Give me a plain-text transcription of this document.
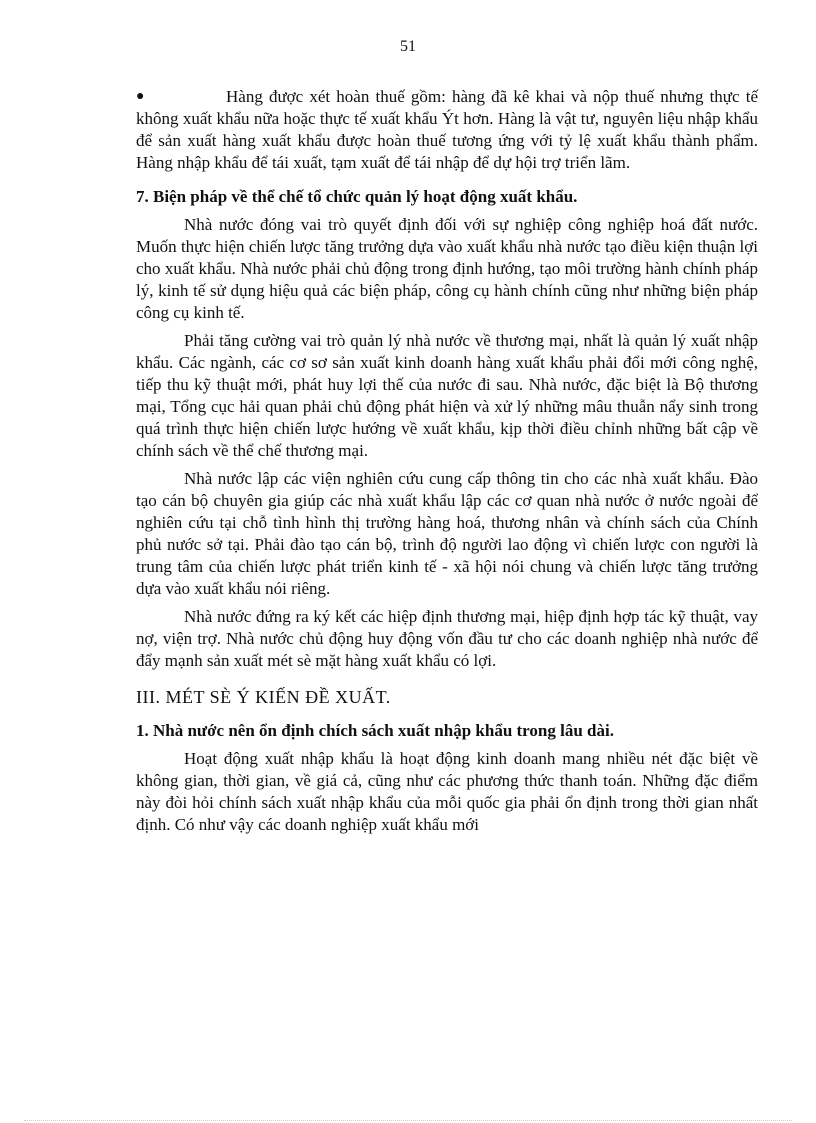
51
●	Hàng được xét hoàn thuế gồm: hàng đã kê khai và nộp thuế nhưng thực tế không xuất khẩu nữa hoặc thực tế xuất khẩu Ýt hơn. Hàng là vật tư, nguyên liệu nhập khẩu để sản xuất hàng xuất khẩu được hoàn thuế tương ứng với tỷ lệ xuất khẩu thành phẩm. Hàng nhập khẩu để tái xuất, tạm xuất để tái nhập để dự hội trợ triển lãm.
7. Biện pháp về thể chế tổ chức quản lý hoạt động xuất khẩu.

Nhà nước đóng vai trò quyết định đối với sự nghiệp công nghiệp hoá đất nước. Muốn thực hiện chiến lược tăng trưởng dựa vào xuất khẩu nhà nước tạo điều kiện thuận lợi cho xuất khẩu. Nhà nước phải chủ động trong định hướng, tạo môi trường hành chính pháp lý, kinh tế sử dụng hiệu quả các biện pháp, công cụ hành chính cũng như những biện pháp công cụ kinh tế.

Phải tăng cường vai trò quản lý nhà nước về thương mại, nhất là quản lý xuất nhập khẩu. Các ngành, các cơ sơ sản xuất kinh doanh hàng xuất khẩu phải đổi mới công nghệ, tiếp thu kỹ thuật mới, phát huy lợi thế của nước đi sau. Nhà nước, đặc biệt là Bộ thương mại, Tổng cục hải quan phải chủ động phát hiện và xử lý những mâu thuẫn nẩy sinh trong quá trình thực hiện chiến lược hướng về xuất khẩu, kịp thời điều chỉnh những bất cập về chính sách về thể chế thương mại.

Nhà nước lập các viện nghiên cứu cung cấp thông tin cho các nhà xuất khẩu. Đào tạo cán bộ chuyên gia giúp các nhà xuất khẩu lập các cơ quan nhà nước ở nước ngoài để nghiên cứu tại chỗ tình hình thị trường hàng hoá, thương nhân và chính sách của Chính phủ nước sở tại. Phải đào tạo cán bộ, trình độ người lao động vì chiến lược con người là trung tâm của chiến lược phát triển kinh tế - xã hội nói chung và chiến lược tăng trưởng dựa vào xuất khẩu nói riêng.

Nhà nước đứng ra ký kết các hiệp định thương mại, hiệp định hợp tác kỹ thuật, vay nợ, viện trợ. Nhà nước chủ động huy động vốn đầu tư cho các doanh nghiệp nhà nước để đẩy mạnh sản xuất mét sè mặt hàng xuất khẩu có lợi.

III. MÉT SÈ Ý KIẾN ĐỀ XUẤT.
1. Nhà nước nên ổn định chích sách xuất nhập khẩu trong lâu dài.

Hoạt động xuất nhập khẩu là hoạt động kinh doanh mang nhiều nét đặc biệt về không gian, thời gian, về giá cả, cũng như các phương thức thanh toán. Những đặc điểm này đòi hỏi chính sách xuất nhập khẩu của mỗi quốc gia phải ổn định trong thời gian nhất định. Có như vậy các doanh nghiệp xuất khẩu mới
